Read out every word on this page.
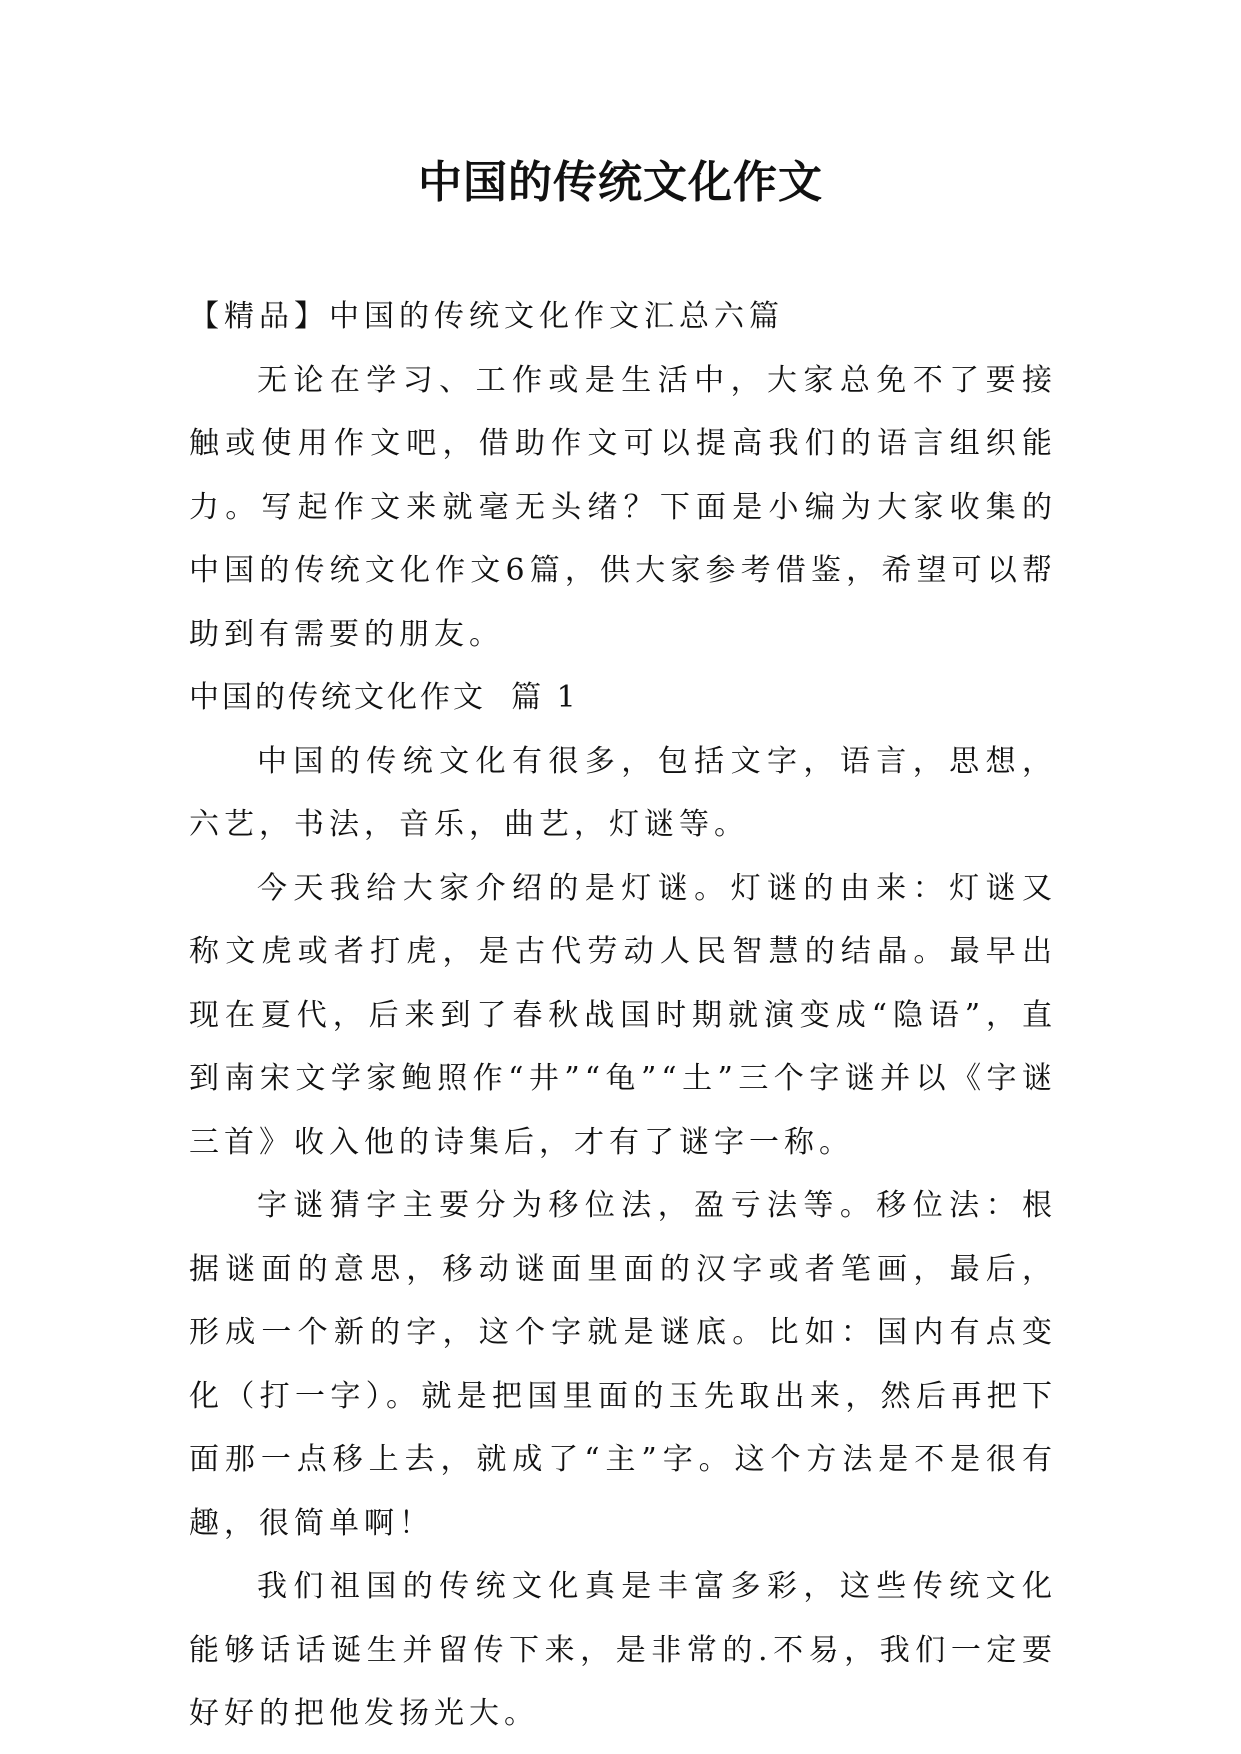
中国的传统文化作文

【精品】中国的传统文化作文汇总六篇

无论在学习、工作或是生活中，大家总免不了要接触或使用作文吧，借助作文可以提高我们的语言组织能力。写起作文来就毫无头绪？下面是小编为大家收集的中国的传统文化作文6篇，供大家参考借鉴，希望可以帮助到有需要的朋友。

中国的传统文化作文  篇 1

中国的传统文化有很多，包括文字，语言，思想，六艺，书法，音乐，曲艺，灯谜等。

今天我给大家介绍的是灯谜。灯谜的由来：灯谜又称文虎或者打虎，是古代劳动人民智慧的结晶。最早出现在夏代，后来到了春秋战国时期就演变成“隐语”，直到南宋文学家鲍照作“井”“龟”“土”三个字谜并以《字谜三首》收入他的诗集后，才有了谜字一称。

字谜猜字主要分为移位法，盈亏法等。移位法：根据谜面的意思，移动谜面里面的汉字或者笔画，最后，形成一个新的字，这个字就是谜底。比如：国内有点变化（打一字）。就是把国里面的玉先取出来，然后再把下面那一点移上去，就成了“主”字。这个方法是不是很有趣，很简单啊！

我们祖国的传统文化真是丰富多彩，这些传统文化能够话话诞生并留传下来，是非常的.不易，我们一定要好好的把他发扬光大。
